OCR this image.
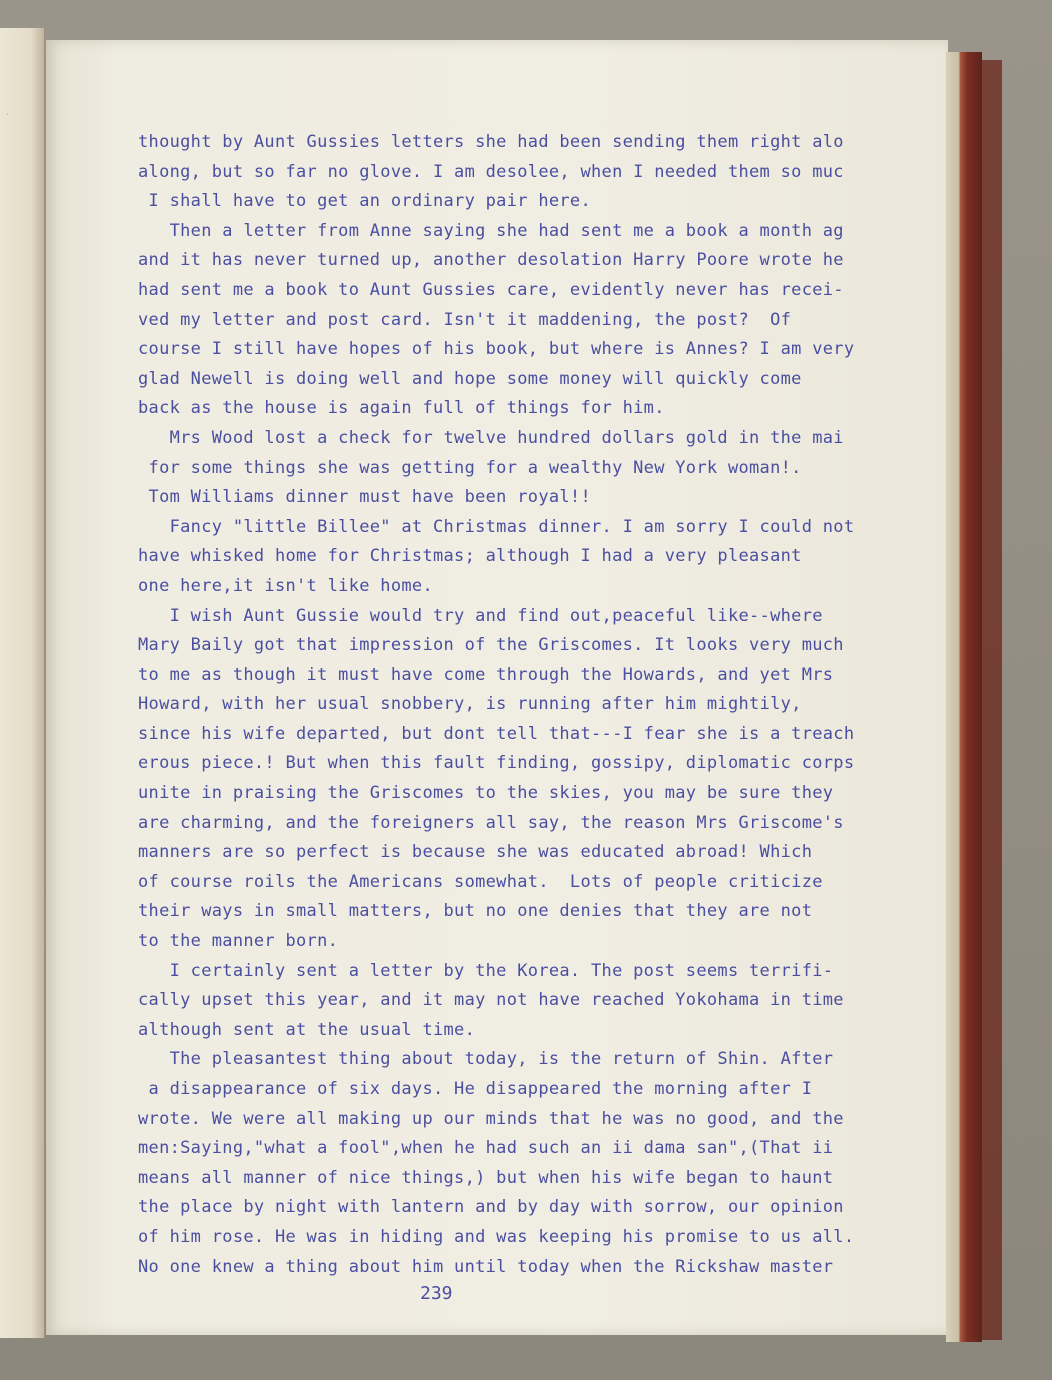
·
thought by Aunt Gussies letters she had been sending them right alo
along, but so far no glove. I am desolee, when I needed them so muc
I shall have to get an ordinary pair here.
Then a letter from Anne saying she had sent me a book a month ag
and it has never turned up, another desolation Harry Poore wrote he
had sent me a book to Aunt Gussies care, evidently never has recei-
ved my letter and post card. Isn't it maddening, the post?  Of
course I still have hopes of his book, but where is Annes? I am very
glad Newell is doing well and hope some money will quickly come
back as the house is again full of things for him.
Mrs Wood lost a check for twelve hundred dollars gold in the mai
for some things she was getting for a wealthy New York woman!.
Tom Williams dinner must have been royal!!
Fancy "little Billee" at Christmas dinner. I am sorry I could not
have whisked home for Christmas; although I had a very pleasant
one here,it isn't like home.
I wish Aunt Gussie would try and find out,peaceful like--where
Mary Baily got that impression of the Griscomes. It looks very much
to me as though it must have come through the Howards, and yet Mrs
Howard, with her usual snobbery, is running after him mightily,
since his wife departed, but dont tell that---I fear she is a treach
erous piece.! But when this fault finding, gossipy, diplomatic corps
unite in praising the Griscomes to the skies, you may be sure they
are charming, and the foreigners all say, the reason Mrs Griscome's
manners are so perfect is because she was educated abroad! Which
of course roils the Americans somewhat.  Lots of people criticize
their ways in small matters, but no one denies that they are not
to the manner born.
I certainly sent a letter by the Korea. The post seems terrifi-
cally upset this year, and it may not have reached Yokohama in time
although sent at the usual time.
The pleasantest thing about today, is the return of Shin. After
a disappearance of six days. He disappeared the morning after I
wrote. We were all making up our minds that he was no good, and the
men:Saying,"what a fool",when he had such an ii dama san",(That ii
means all manner of nice things,) but when his wife began to haunt
the place by night with lantern and by day with sorrow, our opinion
of him rose. He was in hiding and was keeping his promise to us all.
No one knew a thing about him until today when the Rickshaw master
239
